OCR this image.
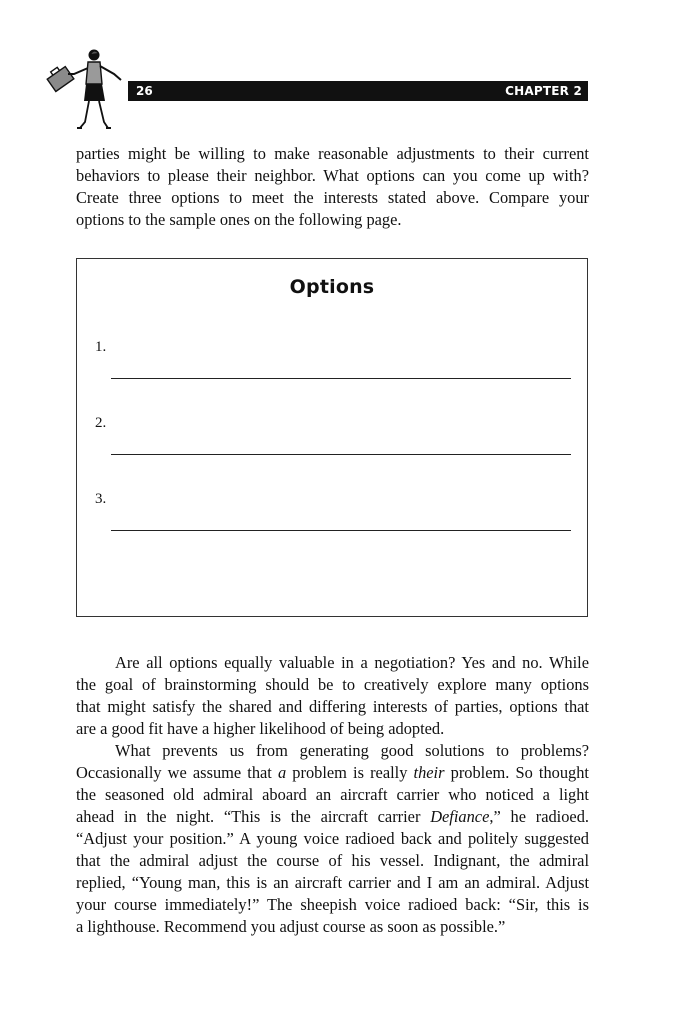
26	CHAPTER 2
parties might be willing to make reasonable adjustments to their current
behaviors to please their neighbor. What options can you come up with?
Create three options to meet the interests stated above. Compare your
options to the sample ones on the following page.
Options
1.
2.
3.
Are all options equally valuable in a negotiation? Yes and no. While
the goal of brainstorming should be to creatively explore many options
that might satisfy the shared and differing interests of parties, options that
are a good fit have a higher likelihood of being adopted.
What prevents us from generating good solutions to problems?
Occasionally we assume that a problem is really their problem. So thought
the seasoned old admiral aboard an aircraft carrier who noticed a light
ahead in the night. “This is the aircraft carrier Defiance,” he radioed.
“Adjust your position.” A young voice radioed back and politely suggested
that the admiral adjust the course of his vessel. Indignant, the admiral
replied, “Young man, this is an aircraft carrier and I am an admiral. Adjust
your course immediately!” The sheepish voice radioed back: “Sir, this is
a lighthouse. Recommend you adjust course as soon as possible.”
